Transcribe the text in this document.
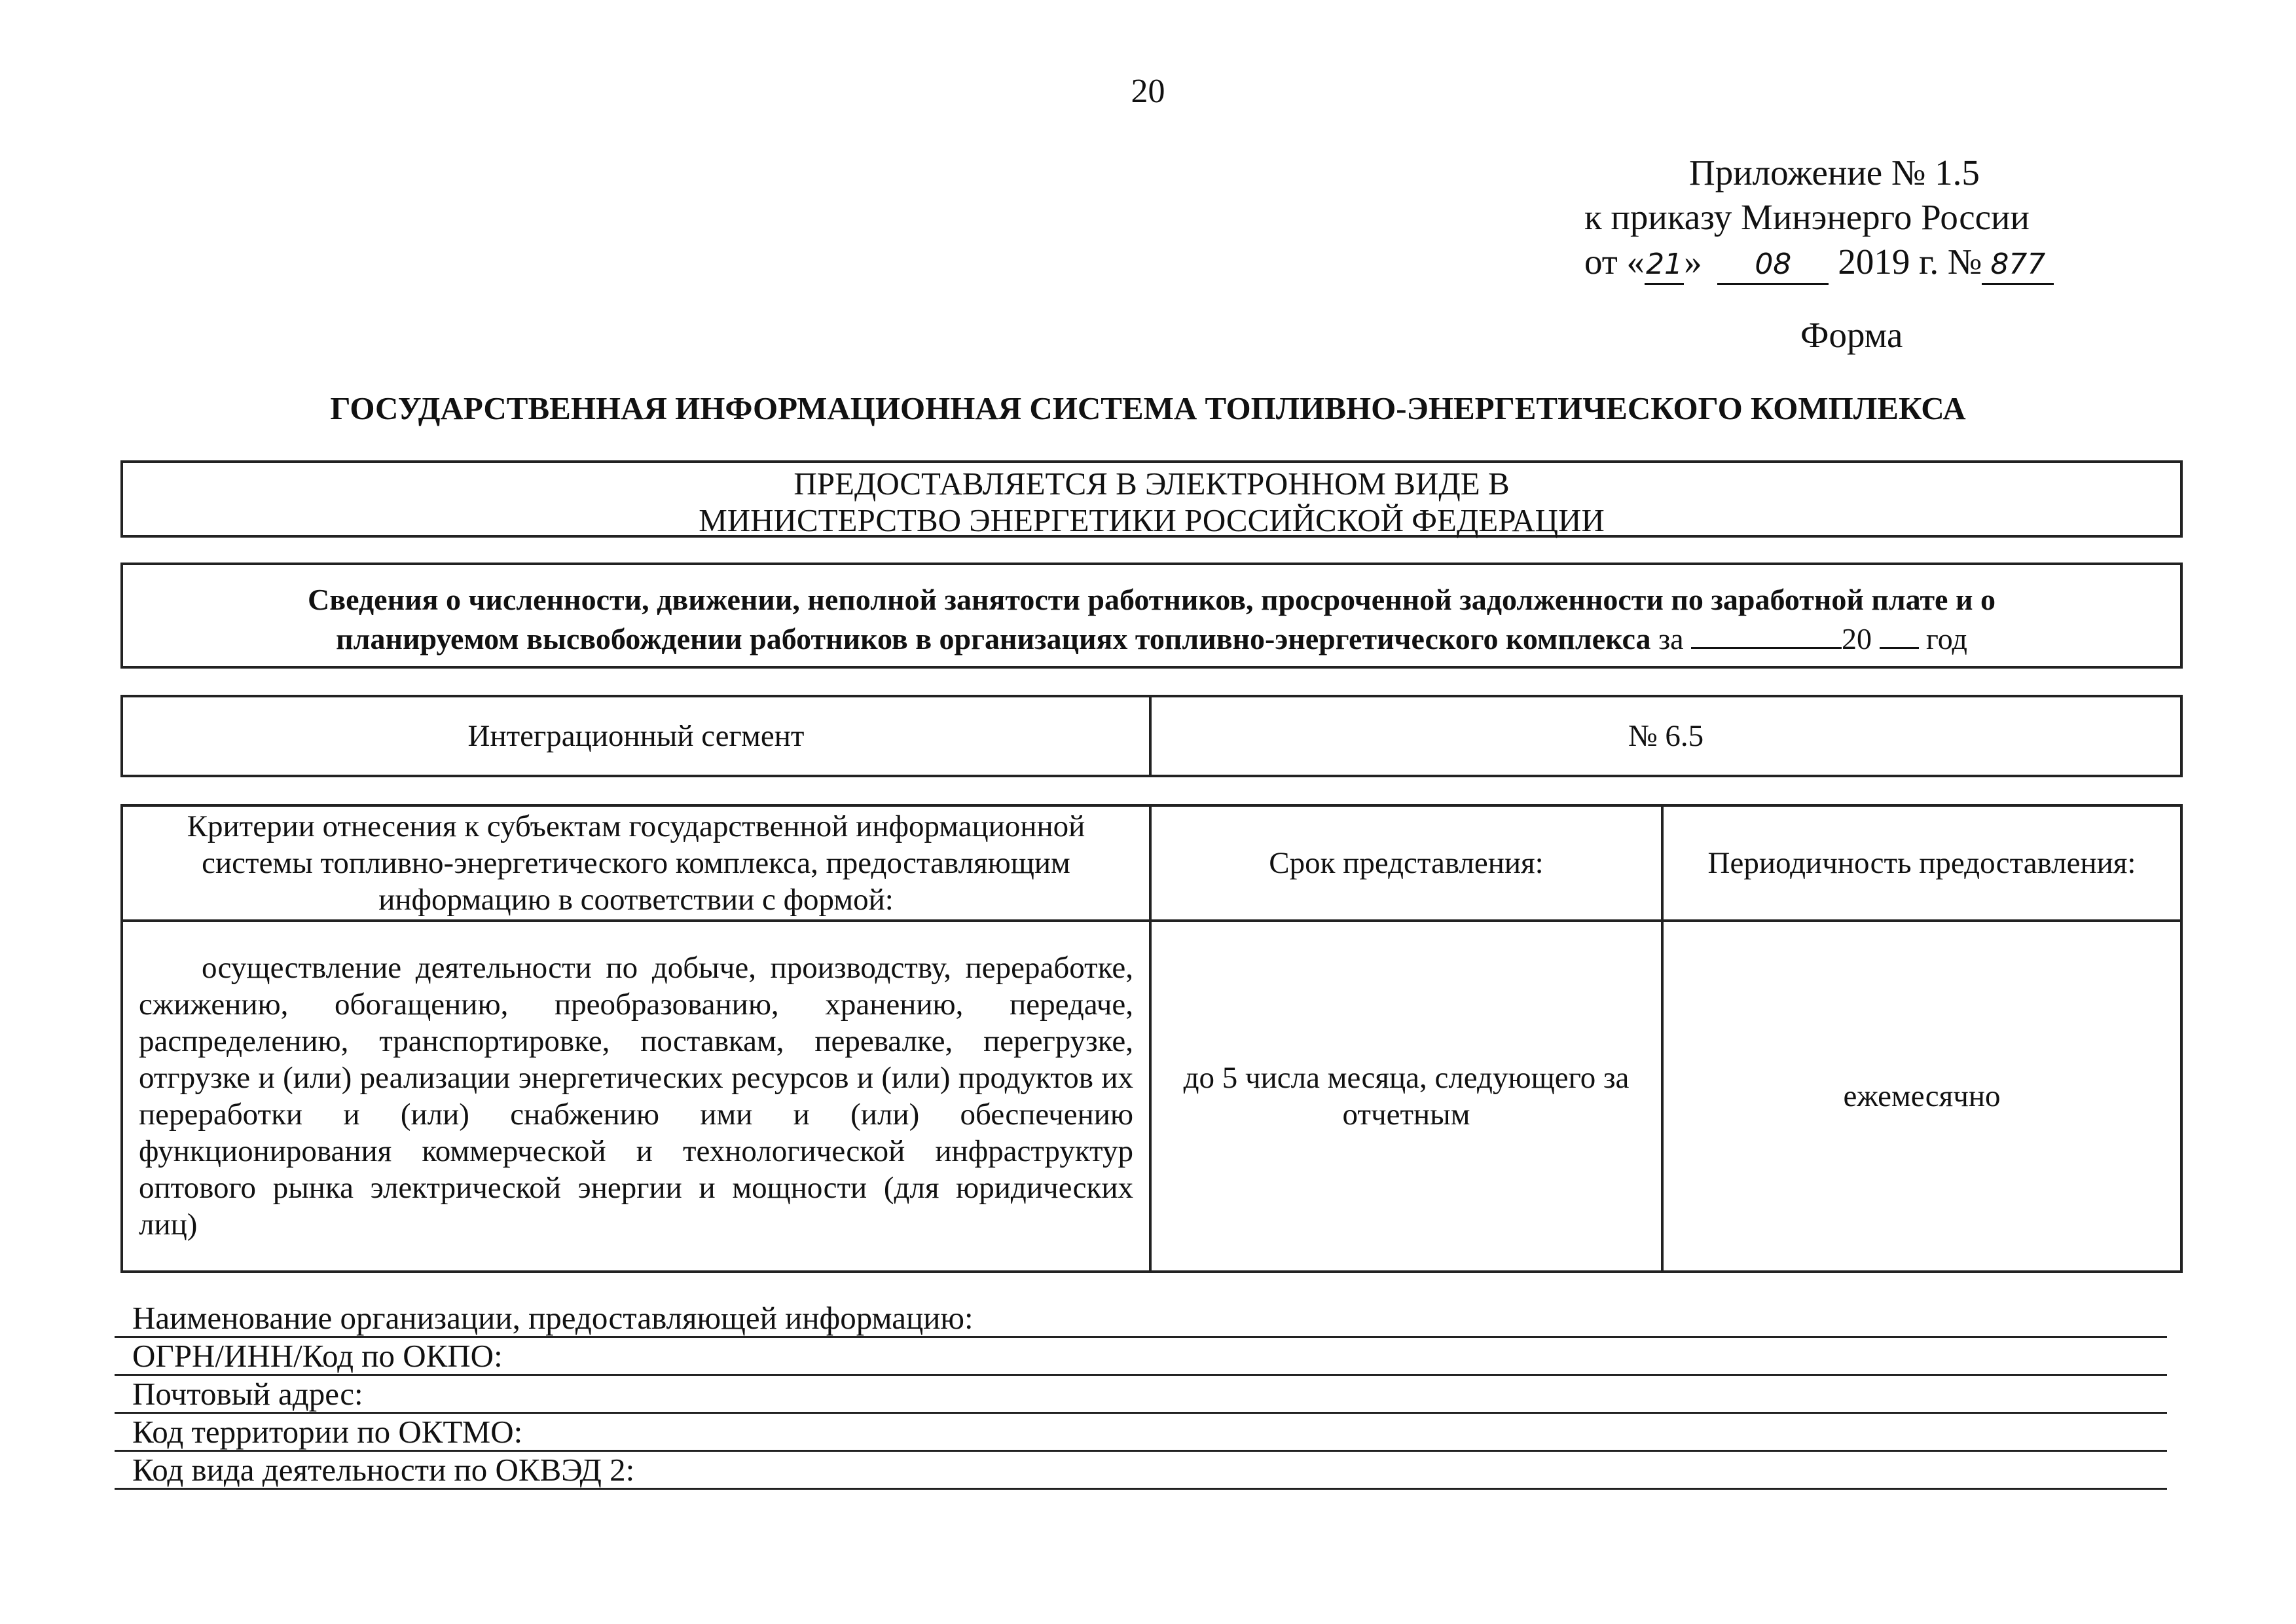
20
Приложение № 1.5
к приказу Минэнерго России
от «21» 08 2019 г. № 877
Форма
ГОСУДАРСТВЕННАЯ ИНФОРМАЦИОННАЯ СИСТЕМА ТОПЛИВНО-ЭНЕРГЕТИЧЕСКОГО КОМПЛЕКСА
ПРЕДОСТАВЛЯЕТСЯ В ЭЛЕКТРОННОМ ВИДЕ В
МИНИСТЕРСТВО ЭНЕРГЕТИКИ РОССИЙСКОЙ ФЕДЕРАЦИИ
Сведения о численности, движении, неполной занятости работников, просроченной задолженности по заработной плате и о
планируемом высвобождении работников в организациях топливно-энергетического комплекса за	20 год
Интеграционный сегмент	№ 6.5
Критерии отнесения к субъектам государственной информационной системы топливно-энергетического комплекса, предоставляющим информацию в соответствии с формой:	Срок представления:	Периодичность предоставления:
осуществление деятельности по добыче, производству, переработке, сжижению, обогащению, преобразованию, хранению, передаче, распределению, транспортировке, поставкам, перевалке, перегрузке, отгрузке и (или) реализации энергетических ресурсов и (или) продуктов их переработки и (или) снабжению ими и (или) обеспечению функционирования коммерческой и технологической инфраструктур оптового рынка электрической энергии и мощности (для юридических лиц)	до 5 числа месяца, следующего за отчетным	ежемесячно
Наименование организации, предоставляющей информацию:
ОГРН/ИНН/Код по ОКПО:
Почтовый адрес:
Код территории по ОКТМО:
Код вида деятельности по ОКВЭД 2:
